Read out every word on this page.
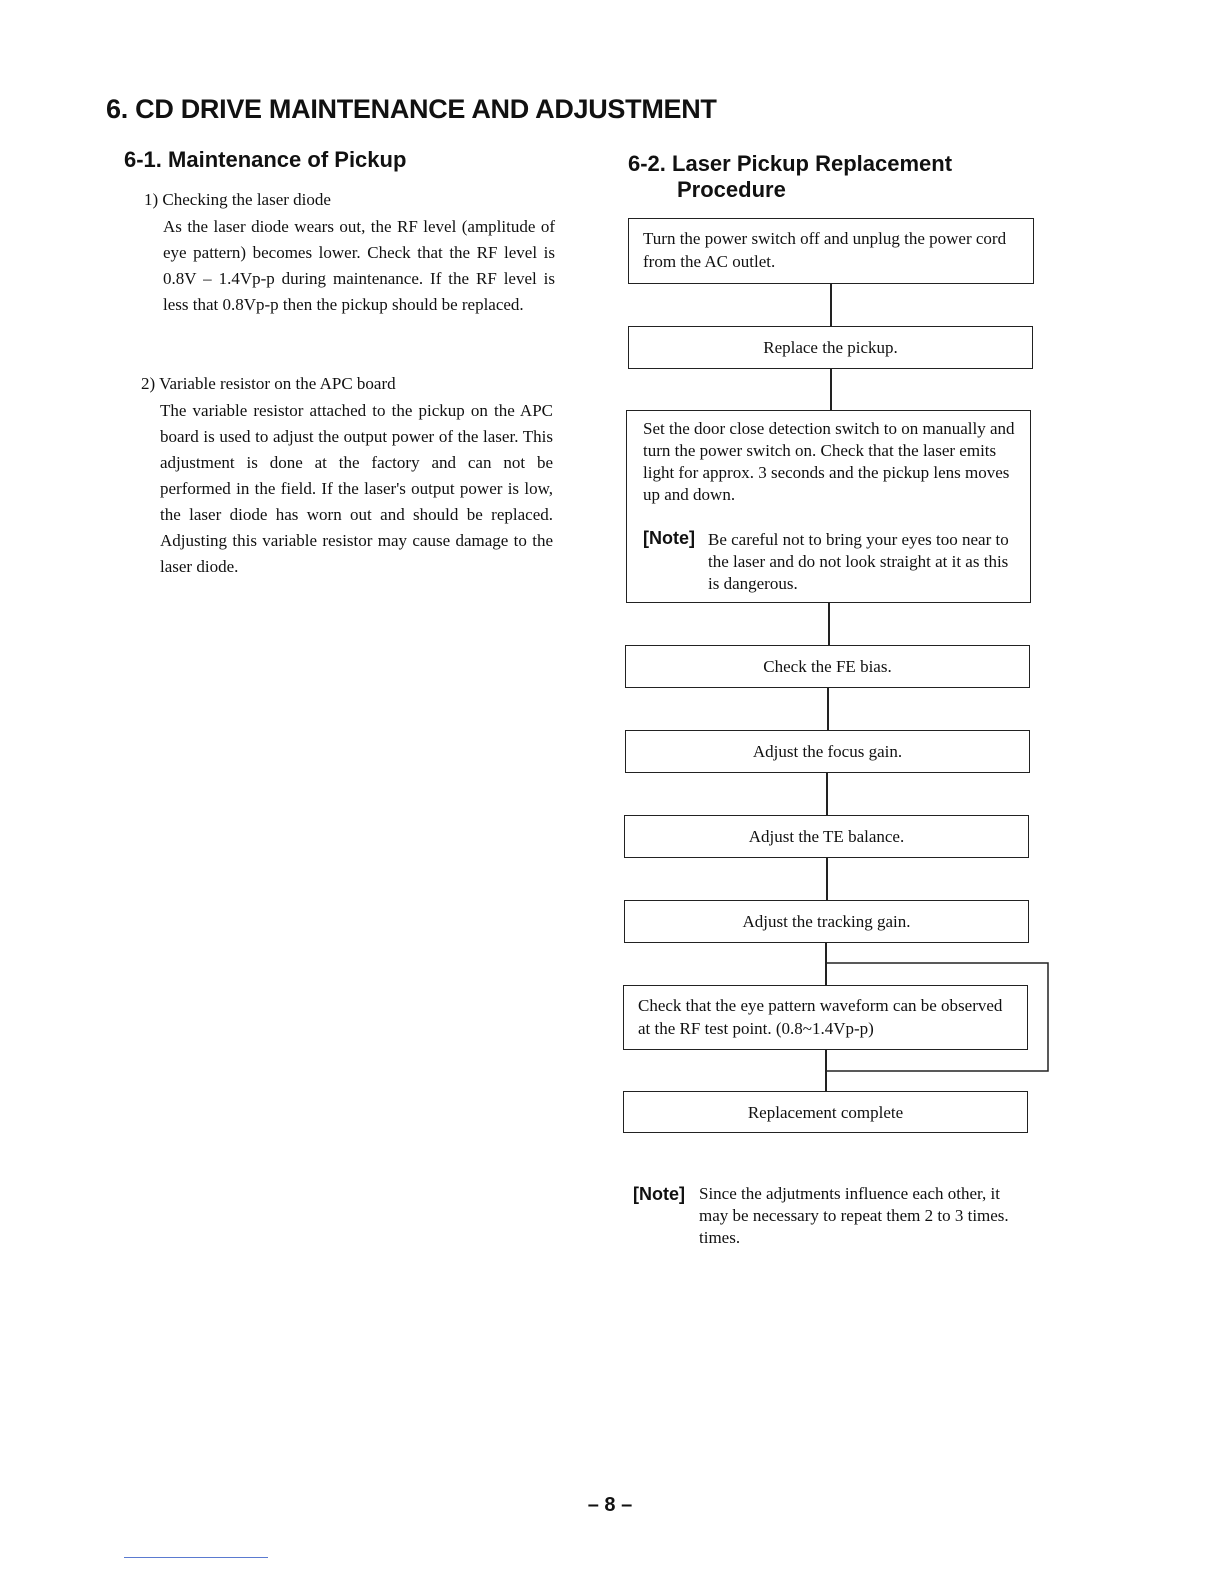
6. CD DRIVE MAINTENANCE AND ADJUSTMENT
6-1. Maintenance of Pickup
1) Checking the laser diode

As the laser diode wears out, the RF level (amplitude of eye pattern) becomes lower. Check that the RF level is 0.8V – 1.4Vp-p during maintenance. If the RF level is less that 0.8Vp-p then the pickup should be replaced.

2) Variable resistor on the APC board

The variable resistor attached to the pickup on the APC board is used to adjust the output power of the laser. This adjustment is done at the factory and can not be performed in the field. If the laser's output power is low, the laser diode has worn out and should be replaced. Adjusting this variable resistor may cause damage to the laser diode.

6-2. Laser Pickup Replacement
Procedure
Turn the power switch off and unplug the power cord from the AC outlet.
Replace the pickup.
Set the door close detection switch to on manually and turn the power switch on. Check that the laser emits light for approx. 3 seconds and the pickup lens moves up and down.
[Note] Be careful not to bring your eyes too near to the laser and do not look straight at it as this is dangerous.
Check the FE bias.
Adjust the focus gain.
Adjust the TE balance.
Adjust the tracking gain.
Check that the eye pattern waveform can be observed at the RF test point. (0.8~1.4Vp-p)
Replacement complete
[Note] Since the adjutments influence each other, it may be necessary to repeat them 2 to 3 times. times.
– 8 –
